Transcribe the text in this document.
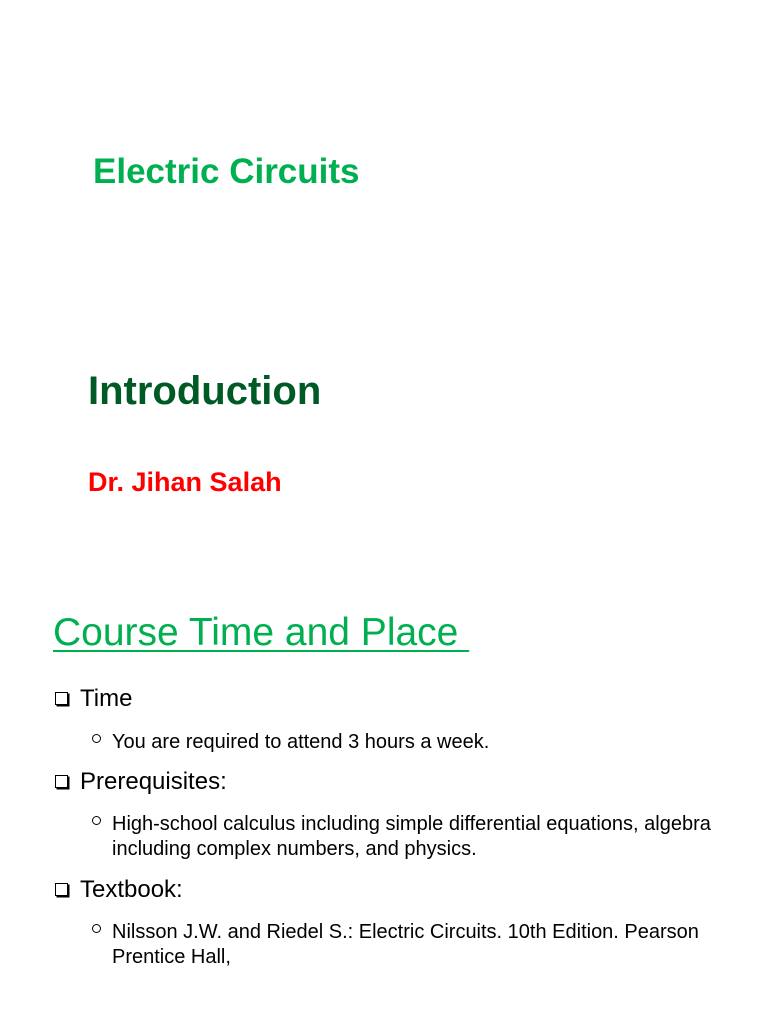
Electric Circuits
Introduction
Dr. Jihan Salah
Course Time and Place
Time
You are required to attend 3 hours a week.
Prerequisites:
High-school calculus including simple differential equations, algebra including complex numbers, and physics.
Textbook:
Nilsson J.W. and Riedel S.: Electric Circuits. 10th Edition. Pearson Prentice Hall,
